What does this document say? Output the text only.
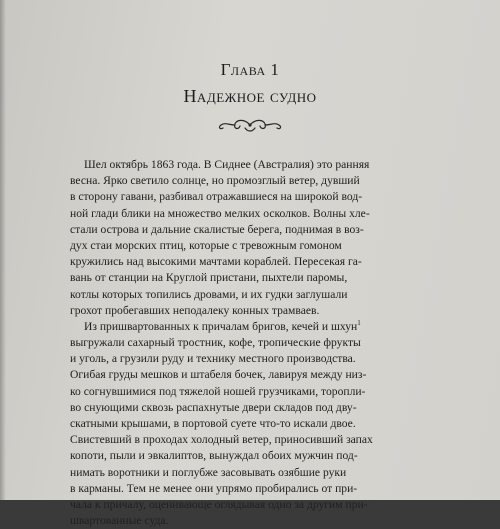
Глава 1
Надежное судно
Шел октябрь 1863 года. В Сиднее (Австралия) это ранняя
весна. Ярко светило солнце, но промозглый ветер, дувший
в сторону гавани, разбивал отражавшиеся на широкой вод-
ной глади блики на множество мелких осколков. Волны хле-
стали острова и дальние скалистые берега, поднимая в воз-
дух стаи морских птиц, которые с тревожным гомоном
кружились над высокими мачтами кораблей. Пересекая га-
вань от станции на Круглой пристани, пыхтели паромы,
котлы которых топились дровами, и их гудки заглушали
грохот пробегавших неподалеку конных трамваев.
Из пришвартованных к причалам бригов, кечей и шхун$^1$
выгружали сахарный тростник, кофе, тропические фрукты
и уголь, а грузили руду и технику местного производства.
Огибая груды мешков и штабеля бочек, лавируя между низ-
ко согнувшимися под тяжелой ношей грузчиками, торопли-
во снующими сквозь распахнутые двери складов под дву-
скатными крышами, в портовой суете что-то искали двое.
Свистевший в проходах холодный ветер, приносивший запах
копоти, пыли и эвкалиптов, вынуждал обоих мужчин под-
нимать воротники и поглубже засовывать озябшие руки
в карманы. Тем не менее они упрямо пробирались от при-
чала к причалу, оценивающе оглядывая одно за другим при-
швартованные суда.
